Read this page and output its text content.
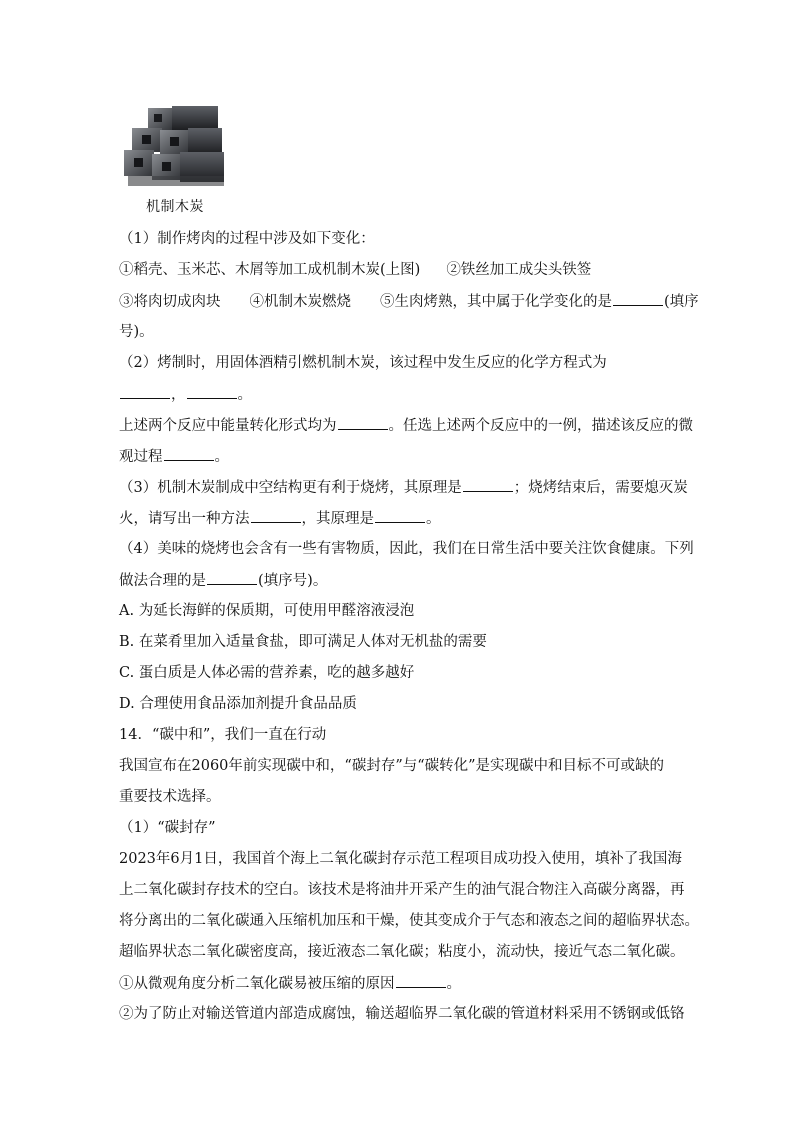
机制木炭
（1）制作烤肉的过程中涉及如下变化：
①稻壳、玉米芯、木屑等加工成机制木炭(上图) ②铁丝加工成尖头铁签
③将肉切成肉块　　④机制木炭燃烧　　⑤生肉烤熟，其中属于化学变化的是	(填序
号)。
（2）烤制时，用固体酒精引燃机制木炭，该过程中发生反应的化学方程式为
，	。
上述两个反应中能量转化形式均为	。任选上述两个反应中的一例，描述该反应的微
观过程	。
（3）机制木炭制成中空结构更有利于烧烤，其原理是	；烧烤结束后，需要熄灭炭
火，请写出一种方法	，其原理是	。
（4）美味的烧烤也会含有一些有害物质，因此，我们在日常生活中要关注饮食健康。下列
做法合理的是	(填序号)。
A. 为延长海鲜的保质期，可使用甲醛溶液浸泡
B. 在菜肴里加入适量食盐，即可满足人体对无机盐的需要
C. 蛋白质是人体必需的营养素，吃的越多越好
D. 合理使用食品添加剂提升食品品质
14．“碳中和”，我们一直在行动
我国宣布在2060年前实现碳中和，“碳封存”与“碳转化”是实现碳中和目标不可或缺的
重要技术选择。
（1）“碳封存”
2023年6月1日，我国首个海上二氧化碳封存示范工程项目成功投入使用，填补了我国海
上二氧化碳封存技术的空白。该技术是将油井开采产生的油气混合物注入高碳分离器，再
将分离出的二氧化碳通入压缩机加压和干燥，使其变成介于气态和液态之间的超临界状态。
超临界状态二氧化碳密度高，接近液态二氧化碳；粘度小，流动快，接近气态二氧化碳。
①从微观角度分析二氧化碳易被压缩的原因	。
②为了防止对输送管道内部造成腐蚀，输送超临界二氧化碳的管道材料采用不锈钢或低铬
